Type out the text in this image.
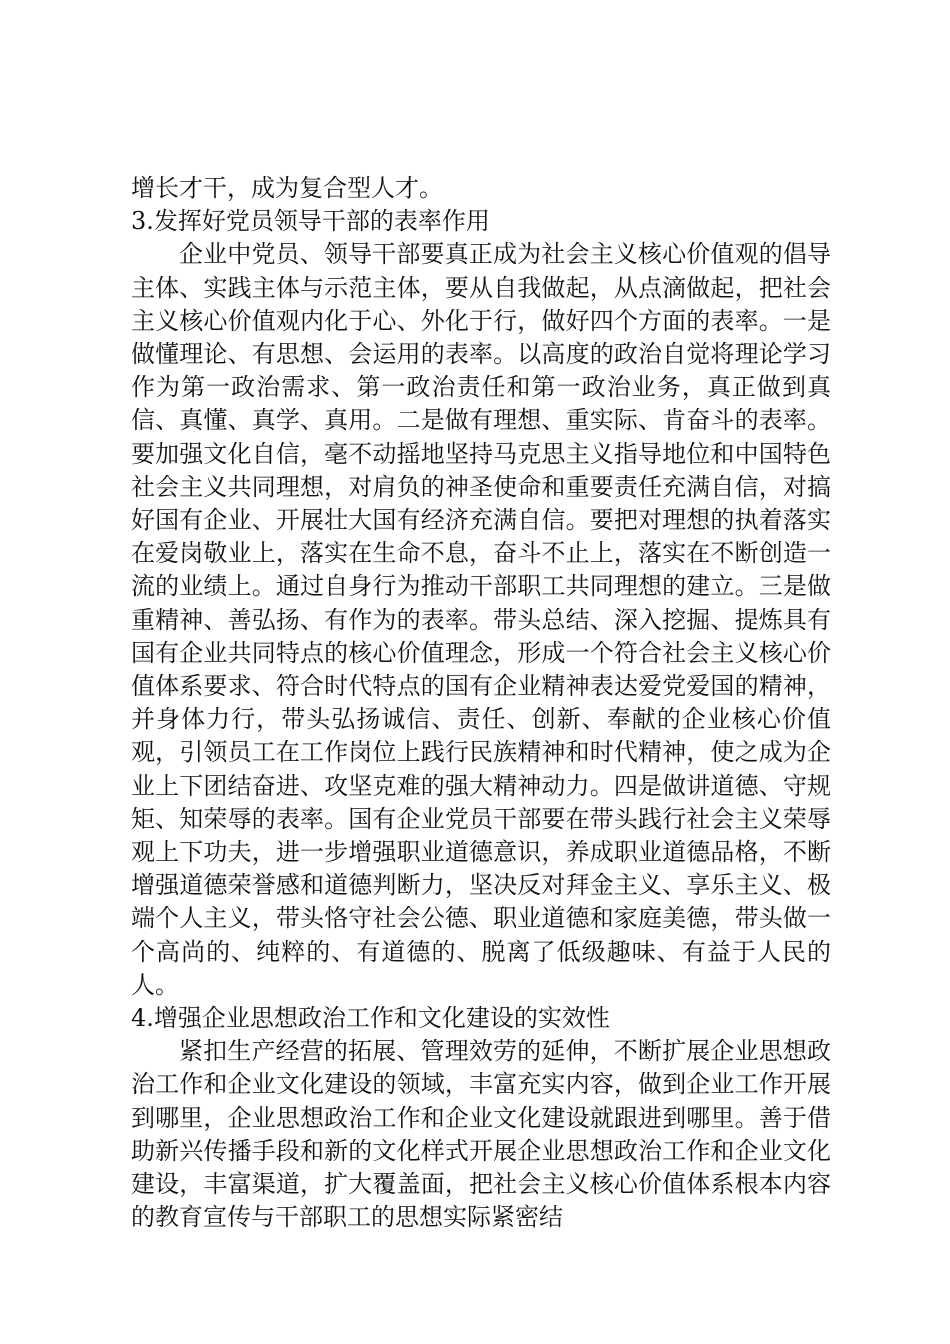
增长才干，成为复合型人才。

3.发挥好党员领导干部的表率作用

企业中党员、领导干部要真正成为社会主义核心价值观的倡导主体、实践主体与示范主体，要从自我做起，从点滴做起，把社会主义核心价值观内化于心、外化于行，做好四个方面的表率。一是做懂理论、有思想、会运用的表率。以高度的政治自觉将理论学习作为第一政治需求、第一政治责任和第一政治业务，真正做到真信、真懂、真学、真用。二是做有理想、重实际、肯奋斗的表率。要加强文化自信，毫不动摇地坚持马克思主义指导地位和中国特色社会主义共同理想，对肩负的神圣使命和重要责任充满自信，对搞好国有企业、开展壮大国有经济充满自信。要把对理想的执着落实在爱岗敬业上，落实在生命不息，奋斗不止上，落实在不断创造一流的业绩上。通过自身行为推动干部职工共同理想的建立。三是做重精神、善弘扬、有作为的表率。带头总结、深入挖掘、提炼具有国有企业共同特点的核心价值理念，形成一个符合社会主义核心价值体系要求、符合时代特点的国有企业精神表达爱党爱国的精神，并身体力行，带头弘扬诚信、责任、创新、奉献的企业核心价值观，引领员工在工作岗位上践行民族精神和时代精神，使之成为企业上下团结奋进、攻坚克难的强大精神动力。四是做讲道德、守规矩、知荣辱的表率。国有企业党员干部要在带头践行社会主义荣辱观上下功夫，进一步增强职业道德意识，养成职业道德品格，不断增强道德荣誉感和道德判断力，坚决反对拜金主义、享乐主义、极端个人主义，带头恪守社会公德、职业道德和家庭美德，带头做一个高尚的、纯粹的、有道德的、脱离了低级趣味、有益于人民的人。

4.增强企业思想政治工作和文化建设的实效性

紧扣生产经营的拓展、管理效劳的延伸，不断扩展企业思想政治工作和企业文化建设的领域，丰富充实内容，做到企业工作开展到哪里，企业思想政治工作和企业文化建设就跟进到哪里。善于借助新兴传播手段和新的文化样式开展企业思想政治工作和企业文化建设，丰富渠道，扩大覆盖面，把社会主义核心价值体系根本内容的教育宣传与干部职工的思想实际紧密结
